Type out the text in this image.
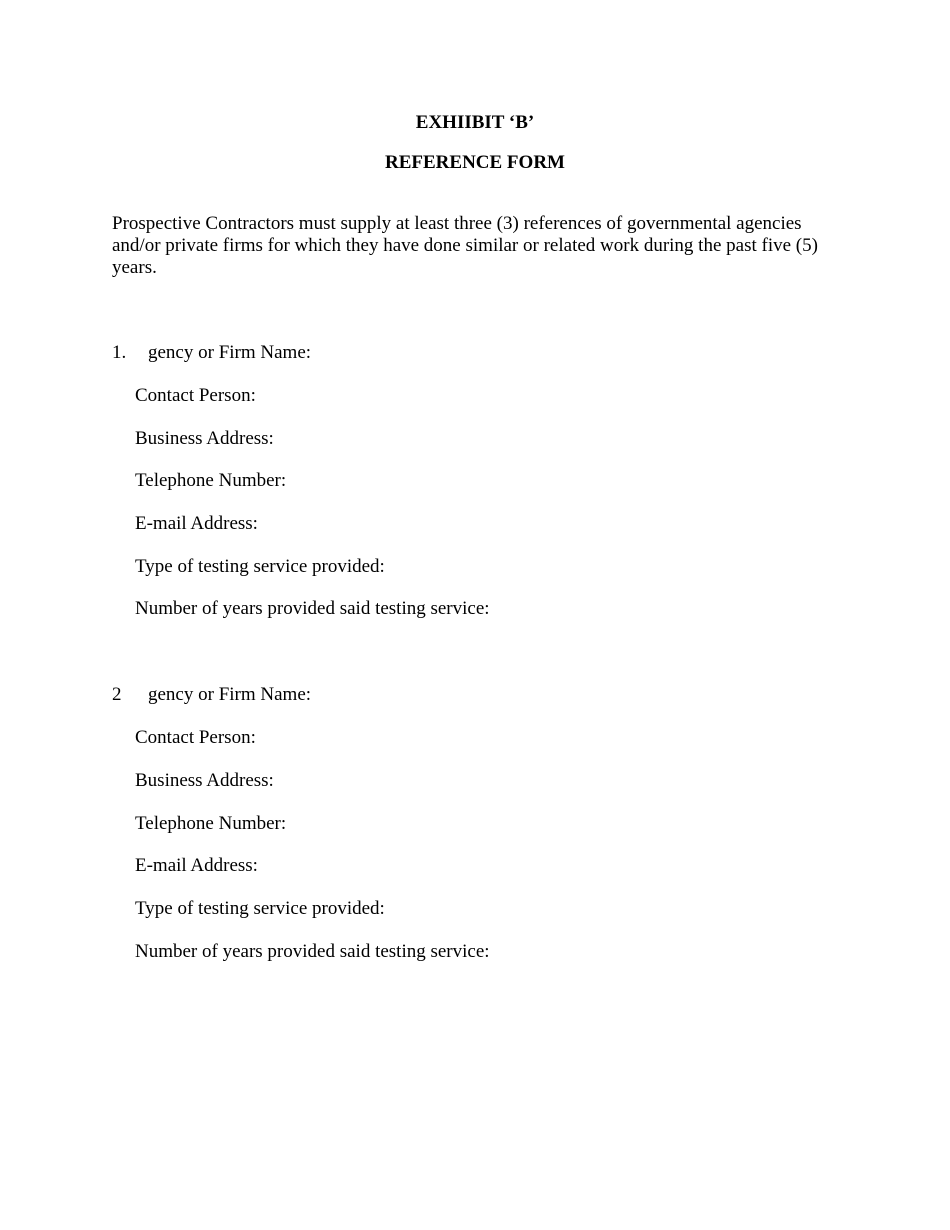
EXHIIBIT ‘B’
REFERENCE FORM

Prospective Contractors must supply at least three (3) references of governmental agencies and/or private firms for which they have done similar or related work during the past five (5) years.

1. gency or Firm Name:
Contact Person:
Business Address:
Telephone Number:
E-mail Address:
Type of testing service provided:
Number of years provided said testing service:
2 gency or Firm Name:
Contact Person:
Business Address:
Telephone Number:
E-mail Address:
Type of testing service provided:
Number of years provided said testing service:
